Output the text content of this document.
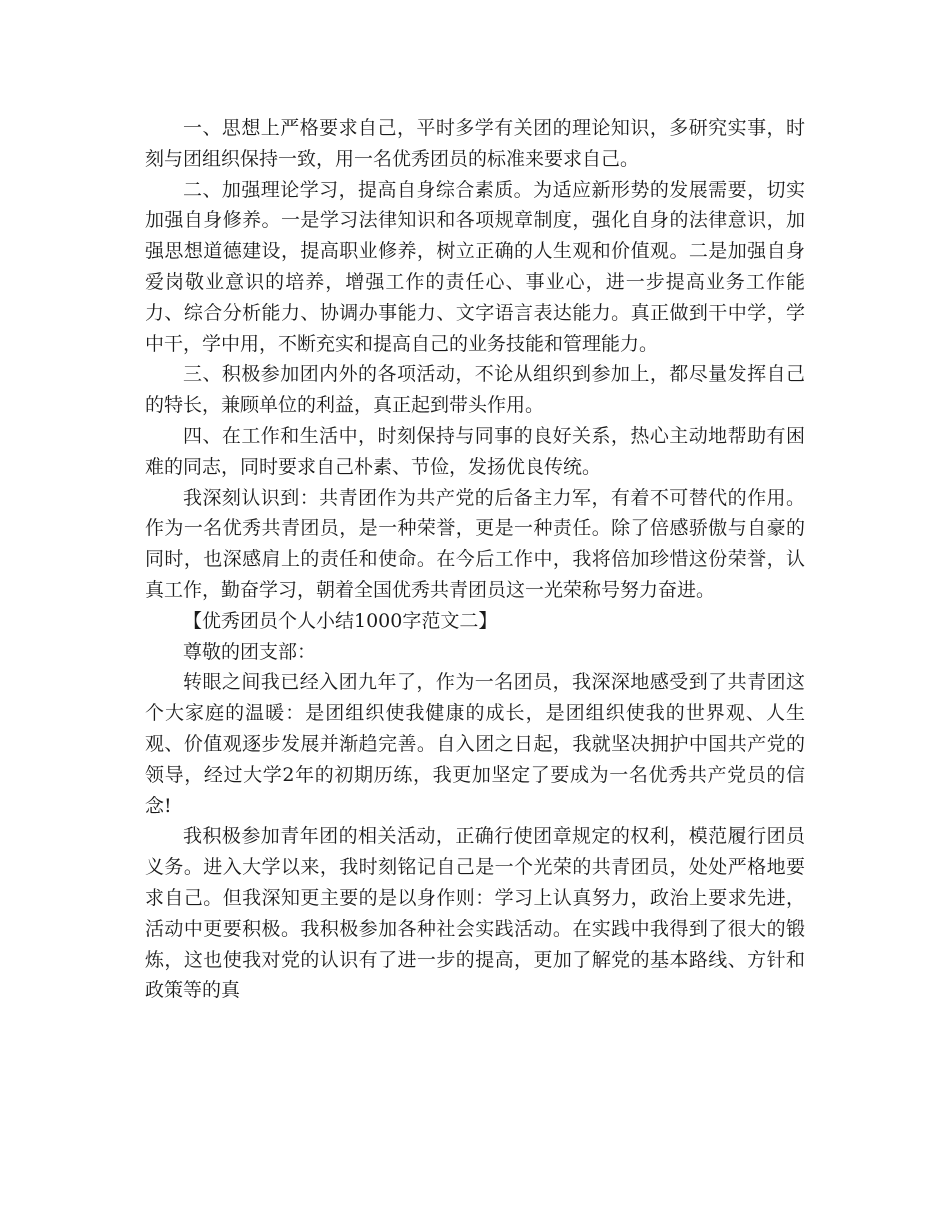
一、思想上严格要求自己，平时多学有关团的理论知识，多研究实事，时刻与团组织保持一致，用一名优秀团员的标准来要求自己。

二、加强理论学习，提高自身综合素质。为适应新形势的发展需要，切实加强自身修养。一是学习法律知识和各项规章制度，强化自身的法律意识，加强思想道德建设，提高职业修养，树立正确的人生观和价值观。二是加强自身爱岗敬业意识的培养，增强工作的责任心、事业心，进一步提高业务工作能力、综合分析能力、协调办事能力、文字语言表达能力。真正做到干中学，学中干，学中用，不断充实和提高自己的业务技能和管理能力。

三、积极参加团内外的各项活动，不论从组织到参加上，都尽量发挥自己的特长，兼顾单位的利益，真正起到带头作用。

四、在工作和生活中，时刻保持与同事的良好关系，热心主动地帮助有困难的同志，同时要求自己朴素、节俭，发扬优良传统。

我深刻认识到：共青团作为共产党的后备主力军，有着不可替代的作用。作为一名优秀共青团员，是一种荣誉，更是一种责任。除了倍感骄傲与自豪的同时，也深感肩上的责任和使命。在今后工作中，我将倍加珍惜这份荣誉，认真工作，勤奋学习，朝着全国优秀共青团员这一光荣称号努力奋进。

【优秀团员个人小结1000字范文二】

尊敬的团支部：

转眼之间我已经入团九年了，作为一名团员，我深深地感受到了共青团这个大家庭的温暖：是团组织使我健康的成长，是团组织使我的世界观、人生观、价值观逐步发展并渐趋完善。自入团之日起，我就坚决拥护中国共产党的领导，经过大学2年的初期历练，我更加坚定了要成为一名优秀共产党员的信念!

我积极参加青年团的相关活动，正确行使团章规定的权利，模范履行团员义务。进入大学以来，我时刻铭记自己是一个光荣的共青团员，处处严格地要求自己。但我深知更主要的是以身作则：学习上认真努力，政治上要求先进，活动中更要积极。我积极参加各种社会实践活动。在实践中我得到了很大的锻炼，这也使我对党的认识有了进一步的提高，更加了解党的基本路线、方针和政策等的真
